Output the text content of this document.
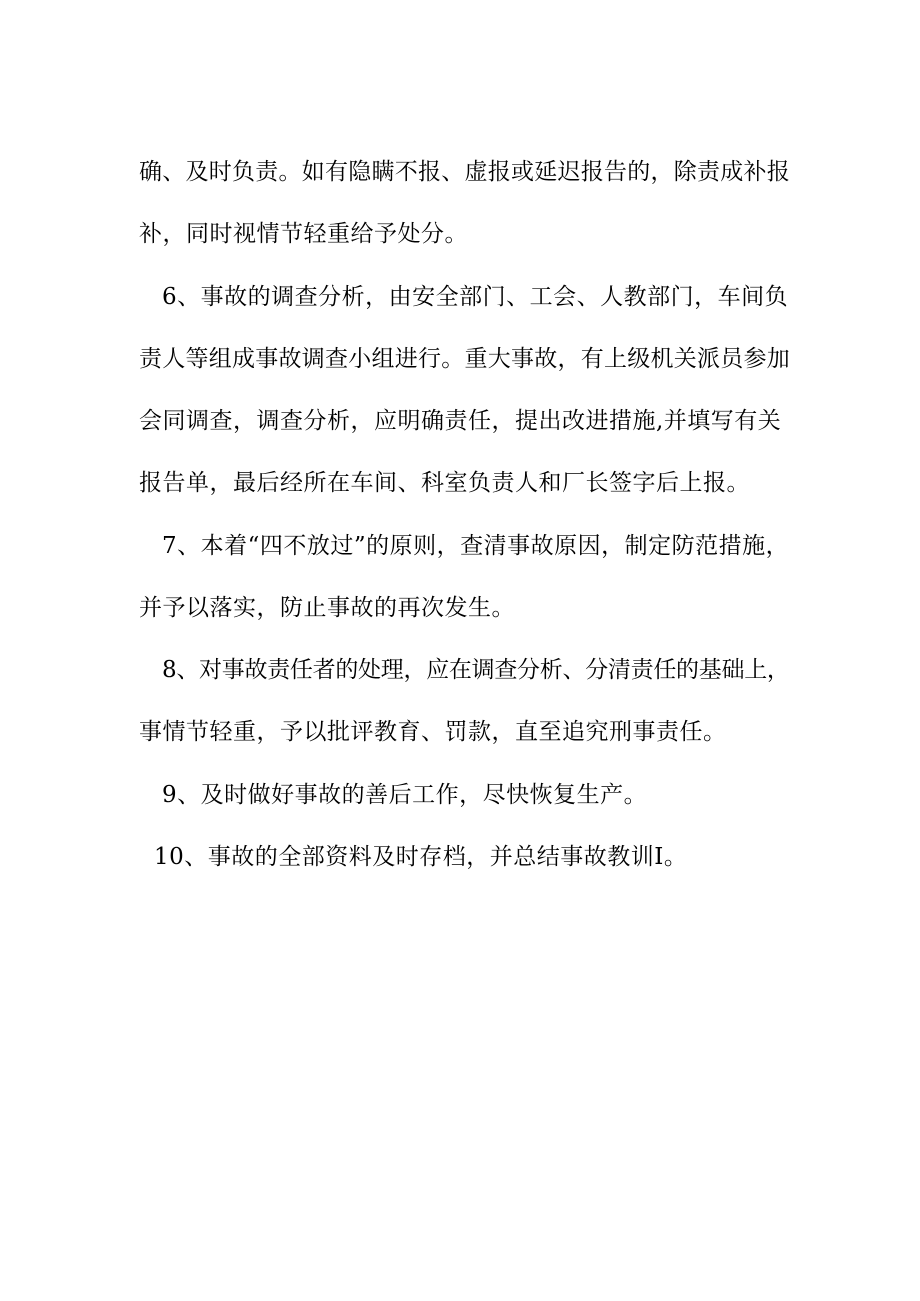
确、及时负责。如有隐瞒不报、虚报或延迟报告的，除责成补报
补，同时视情节轻重给予处分。
6、事故的调查分析，由安全部门、工会、人教部门，车间负
责人等组成事故调查小组进行。重大事故，有上级机关派员参加
会同调查，调查分析，应明确责任，提出改进措施,并填写有关
报告单，最后经所在车间、科室负责人和厂长签字后上报。
7、本着“四不放过”的原则，查清事故原因，制定防范措施，
并予以落实，防止事故的再次发生。
8、对事故责任者的处理，应在调查分析、分清责任的基础上，
事情节轻重，予以批评教育、罚款，直至追究刑事责任。
9、及时做好事故的善后工作，尽快恢复生产。
10、事故的全部资料及时存档，并总结事故教训I。
